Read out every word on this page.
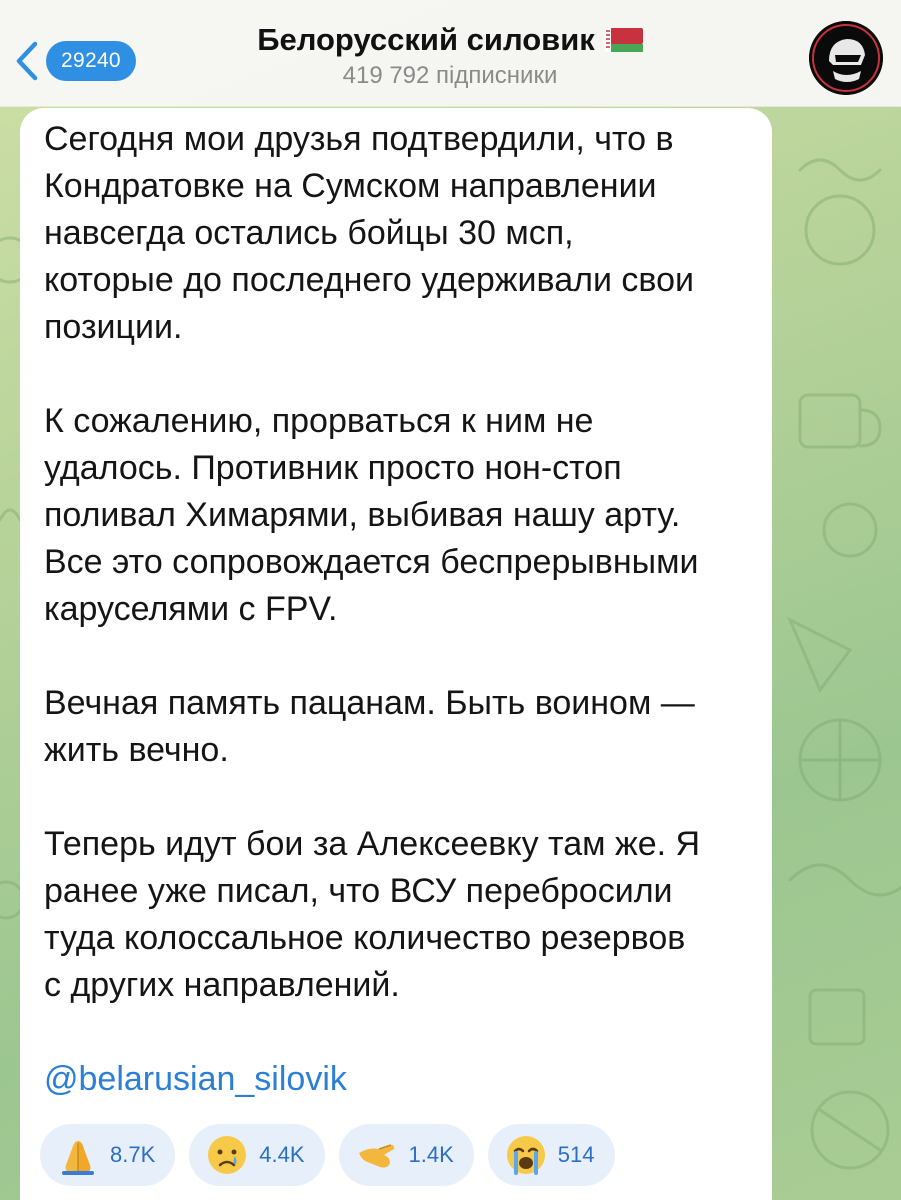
29240
Белорусский силовик
419 792 підписники

Сегодня мои друзья подтвердили, что в
Кондратовке на Сумском направлении
навсегда остались бойцы 30 мсп,
которые до последнего удерживали свои
позиции.

К сожалению, прорваться к ним не
удалось. Противник просто нон-стоп
поливал Химарями, выбивая нашу арту.
Все это сопровождается беспрерывными
каруселями с FPV.

Вечная память пацанам. Быть воином —
жить вечно.

Теперь идут бои за Алексеевку там же. Я
ранее уже писал, что ВСУ перебросили
туда колоссальное количество резервов
с других направлений.

@belarusian_silovik
8.7K	4.4K	1.4K	514
